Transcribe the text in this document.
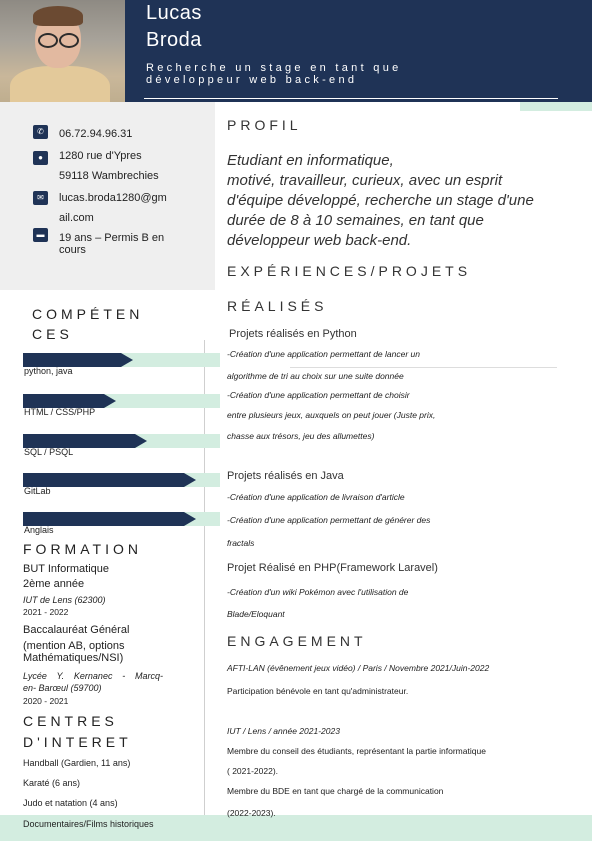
Lucas
Broda
Recherche un stage en tant que
développeur web back-end
✆	06.72.94.96.31
●	1280 rue d'Ypres
59118 Wambrechies
✉	lucas.broda1280@gm
ail.com
▬	19 ans – Permis B en
cours
COMPÉTEN
CES
python, java
HTML / CSS/PHP
SQL / PSQL
GitLab
Anglais
FORMATION
BUT Informatique
2ème année
IUT de Lens (62300)
2021 - 2022
Baccalauréat Général
(mention AB, options
Mathématiques/NSI)
Lycée Y. Kernanec - Marcq-
en- Barœul (59700)
2020 - 2021
CENTRES
D'INTERET
Handball (Gardien, 11 ans)
Karaté (6 ans)
Judo et natation (4 ans)
Documentaires/Films historiques
PROFIL
Etudiant en informatique,
motivé, travailleur, curieux, avec un esprit
d'équipe développé, recherche un stage d'une
durée de 8 à 10 semaines, en tant que
développeur web back-end.
EXPÉRIENCES/PROJETS
RÉALISÉS
Projets réalisés en Python
-Création d'une application permettant de lancer un
algorithme de tri au choix sur une suite donnée
-Création d'une application permettant de choisir
entre plusieurs jeux, auxquels on peut jouer (Juste prix,
chasse aux trésors, jeu des allumettes)
Projets réalisés en Java
-Création d'une application de livraison d'article
-Création d'une application permettant de générer des
fractals
Projet Réalisé en PHP(Framework Laravel)
-Création d'un wiki Pokémon avec l'utilisation de
Blade/Eloquant
ENGAGEMENT
AFTI-LAN (évênement jeux vidéo) / Paris / Novembre 2021/Juin-2022
Participation bénévole en tant qu'administrateur.
IUT / Lens / année 2021-2023
Membre du conseil des étudiants, représentant la partie informatique
( 2021-2022).
Membre du BDE en tant que chargé de la communication
(2022-2023).
